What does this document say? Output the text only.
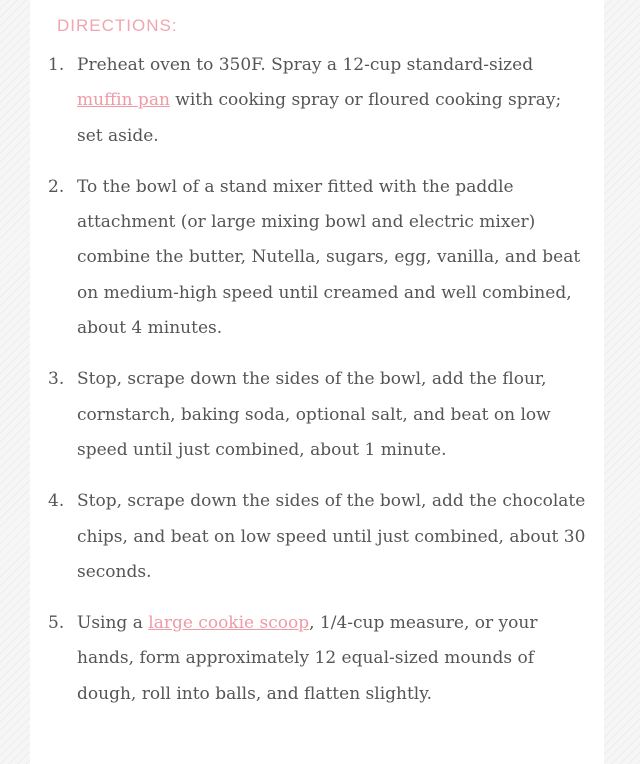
DIRECTIONS:
1. Preheat oven to 350F. Spray a 12-cup standard-sized muffin pan with cooking spray or floured cooking spray; set aside.
2. To the bowl of a stand mixer fitted with the paddle attachment (or large mixing bowl and electric mixer) combine the butter, Nutella, sugars, egg, vanilla, and beat on medium-high speed until creamed and well combined, about 4 minutes.
3. Stop, scrape down the sides of the bowl, add the flour, cornstarch, baking soda, optional salt, and beat on low speed until just combined, about 1 minute.
4. Stop, scrape down the sides of the bowl, add the chocolate chips, and beat on low speed until just combined, about 30 seconds.
5. Using a large cookie scoop, 1/4-cup measure, or your hands, form approximately 12 equal-sized mounds of dough, roll into balls, and flatten slightly.
